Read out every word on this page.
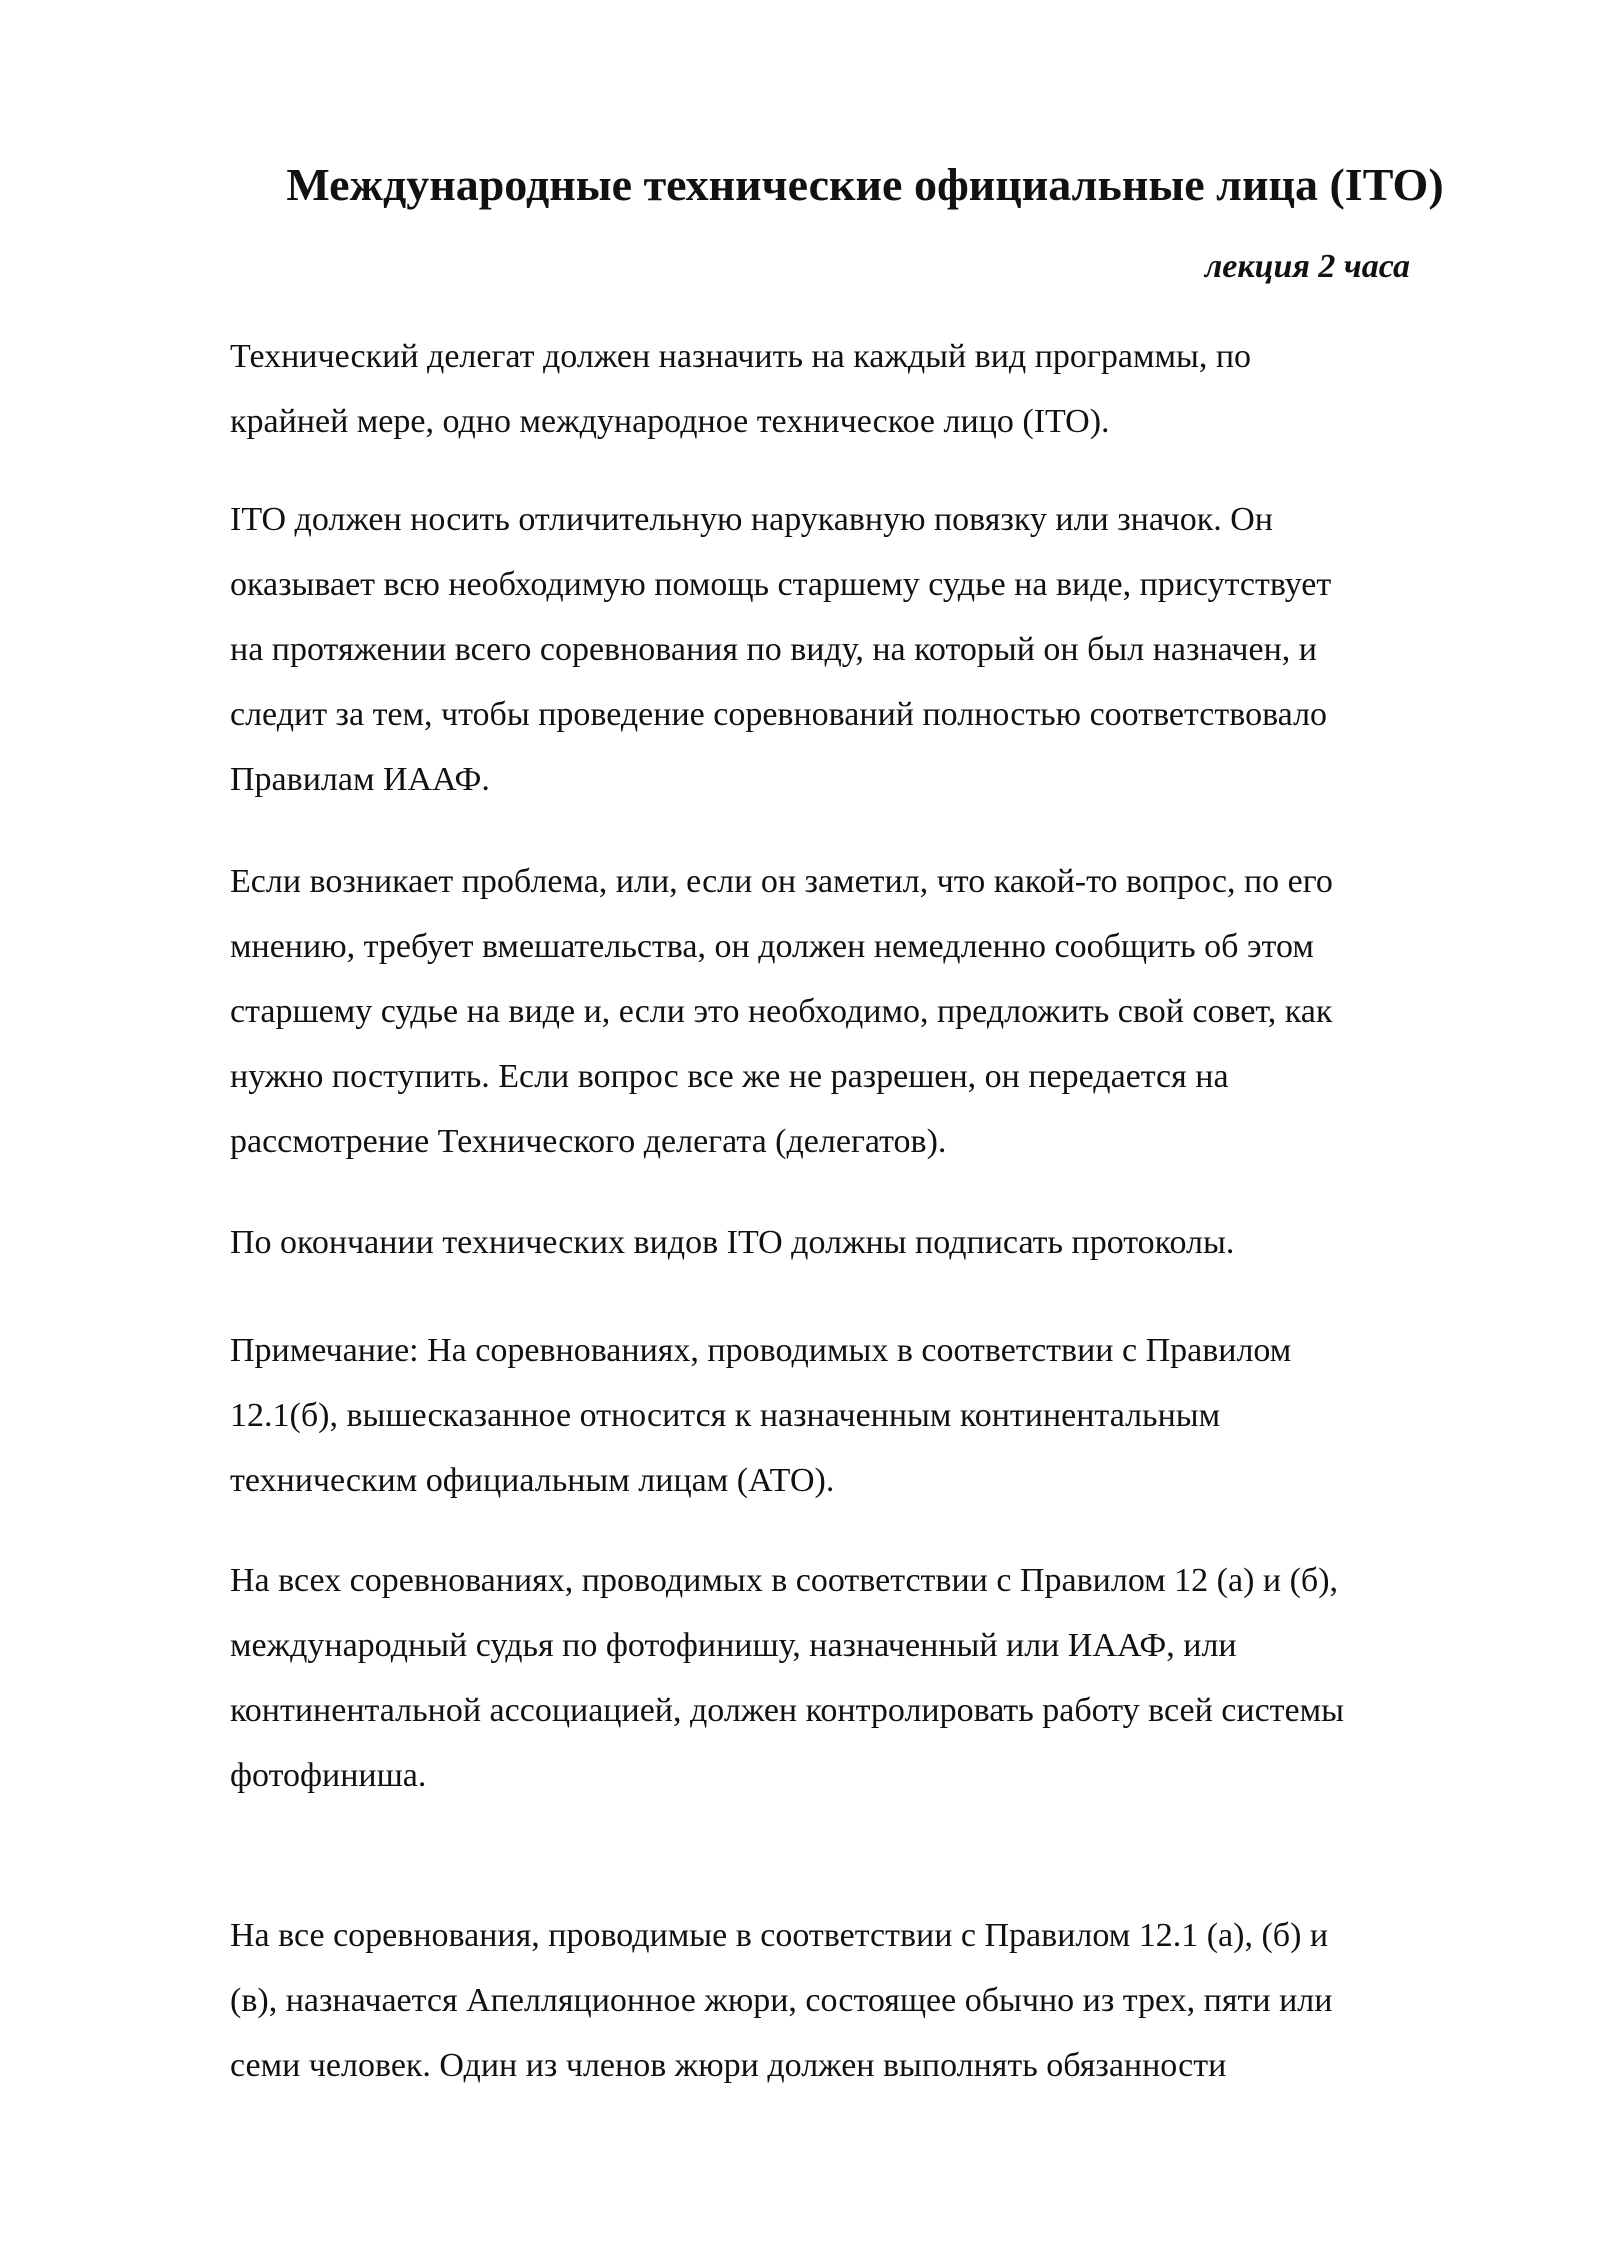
Международные технические официальные лица (ITO)

лекция 2 часа

Технический делегат должен назначить на каждый вид программы, по
крайней мере, одно международное техническое лицо (ITO).

ITO должен носить отличительную нарукавную повязку или значок. Он
оказывает всю необходимую помощь старшему судье на виде, присутствует
на протяжении всего соревнования по виду, на который он был назначен, и
следит за тем, чтобы проведение соревнований полностью соответствовало
Правилам ИААФ.

Если возникает проблема, или, если он заметил, что какой-то вопрос, по его
мнению, требует вмешательства, он должен немедленно сообщить об этом
старшему судье на виде и, если это необходимо, предложить свой совет, как
нужно поступить. Если вопрос все же не разрешен, он передается на
рассмотрение Технического делегата (делегатов).

По окончании технических видов ITO должны подписать протоколы.

Примечание: На соревнованиях, проводимых в соответствии с Правилом
12.1(б), вышесказанное относится к назначенным континентальным
техническим официальным лицам (АТО).

На всех соревнованиях, проводимых в соответствии с Правилом 12 (а) и (б),
международный судья по фотофинишу, назначенный или ИААФ, или
континентальной ассоциацией, должен контролировать работу всей системы
фотофиниша.

На все соревнования, проводимые в соответствии с Правилом 12.1 (а), (б) и
(в), назначается Апелляционное жюри, состоящее обычно из трех, пяти или
семи человек. Один из членов жюри должен выполнять обязанности
